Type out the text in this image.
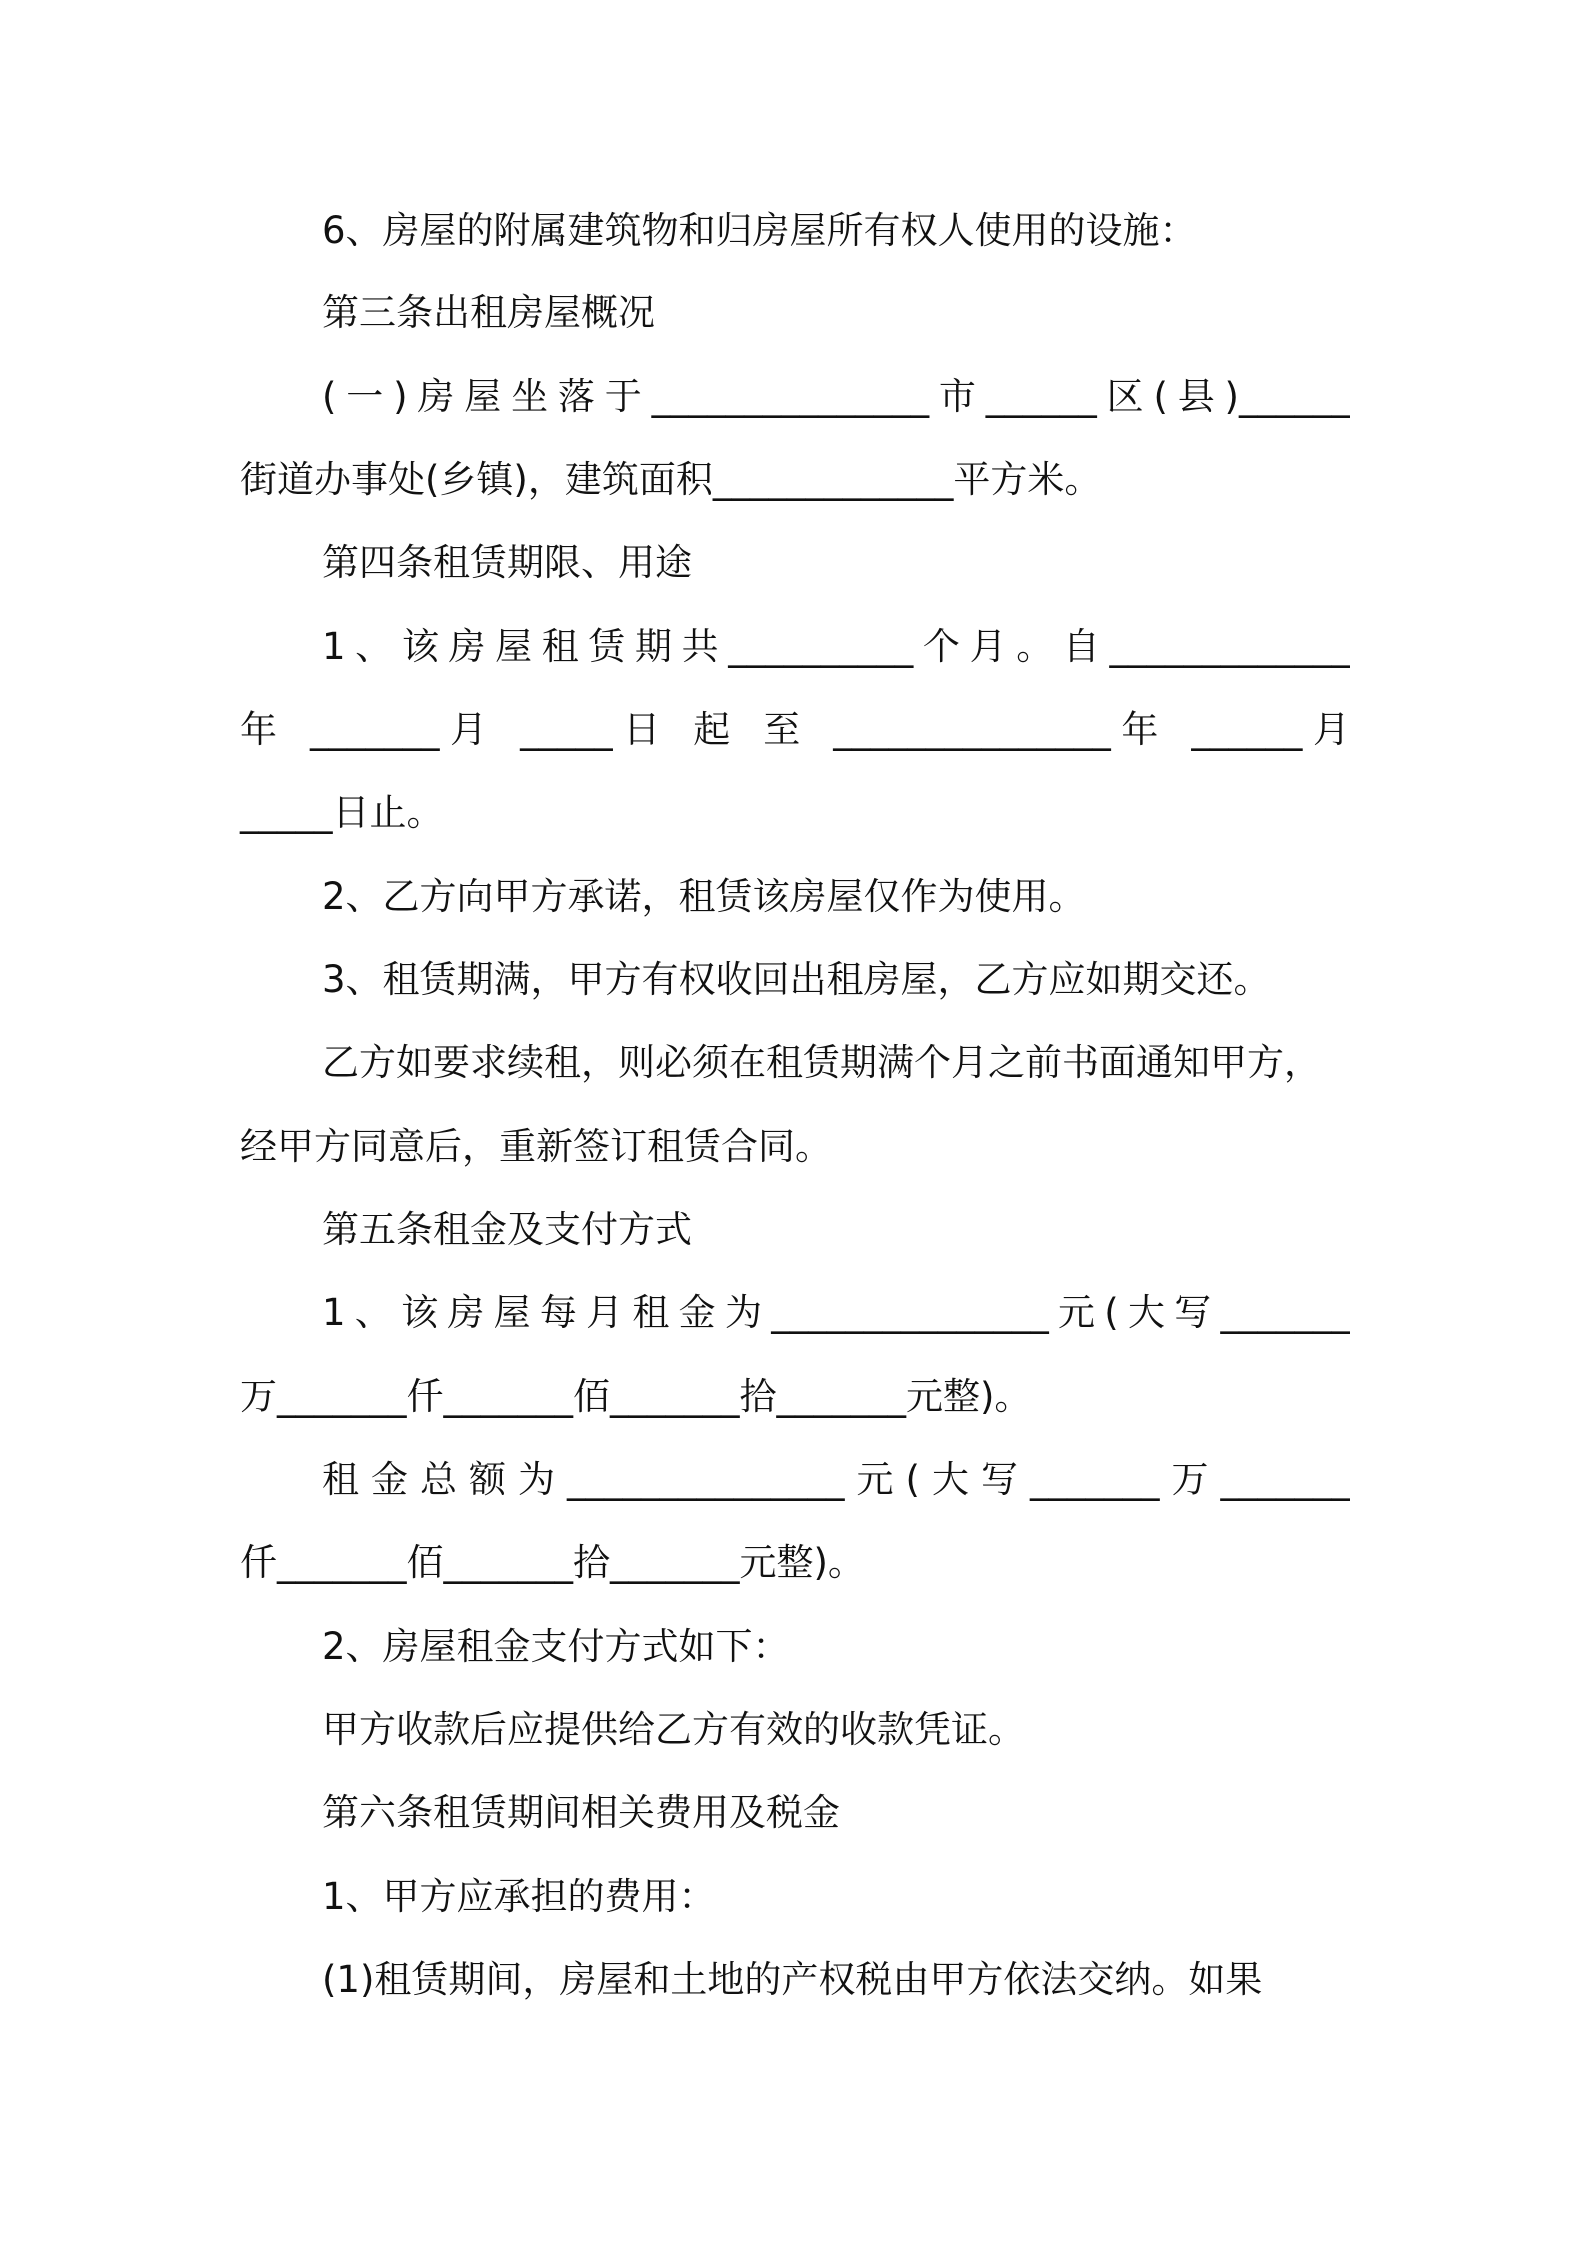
6、房屋的附属建筑物和归房屋所有权人使用的设施：
第三条出租房屋概况
(一)房屋坐落于_______________市______区(县)______
街道办事处(乡镇)，建筑面积_____________平方米。
第四条租赁期限、用途
1、该房屋租赁期共__________个月。自_____________
年 _______月 _____日 起 至 _______________年 ______月
_____日止。
2、乙方向甲方承诺，租赁该房屋仅作为使用。
3、租赁期满，甲方有权收回出租房屋，乙方应如期交还。
乙方如要求续租，则必须在租赁期满个月之前书面通知甲方，
经甲方同意后，重新签订租赁合同。
第五条租金及支付方式
1、该房屋每月租金为_______________元(大写_______
万_______仟_______佰_______拾_______元整)。
租金总额为_______________元(大写_______万_______
仟_______佰_______拾_______元整)。
2、房屋租金支付方式如下：
甲方收款后应提供给乙方有效的收款凭证。
第六条租赁期间相关费用及税金
1、甲方应承担的费用：
(1)租赁期间，房屋和土地的产权税由甲方依法交纳。如果
